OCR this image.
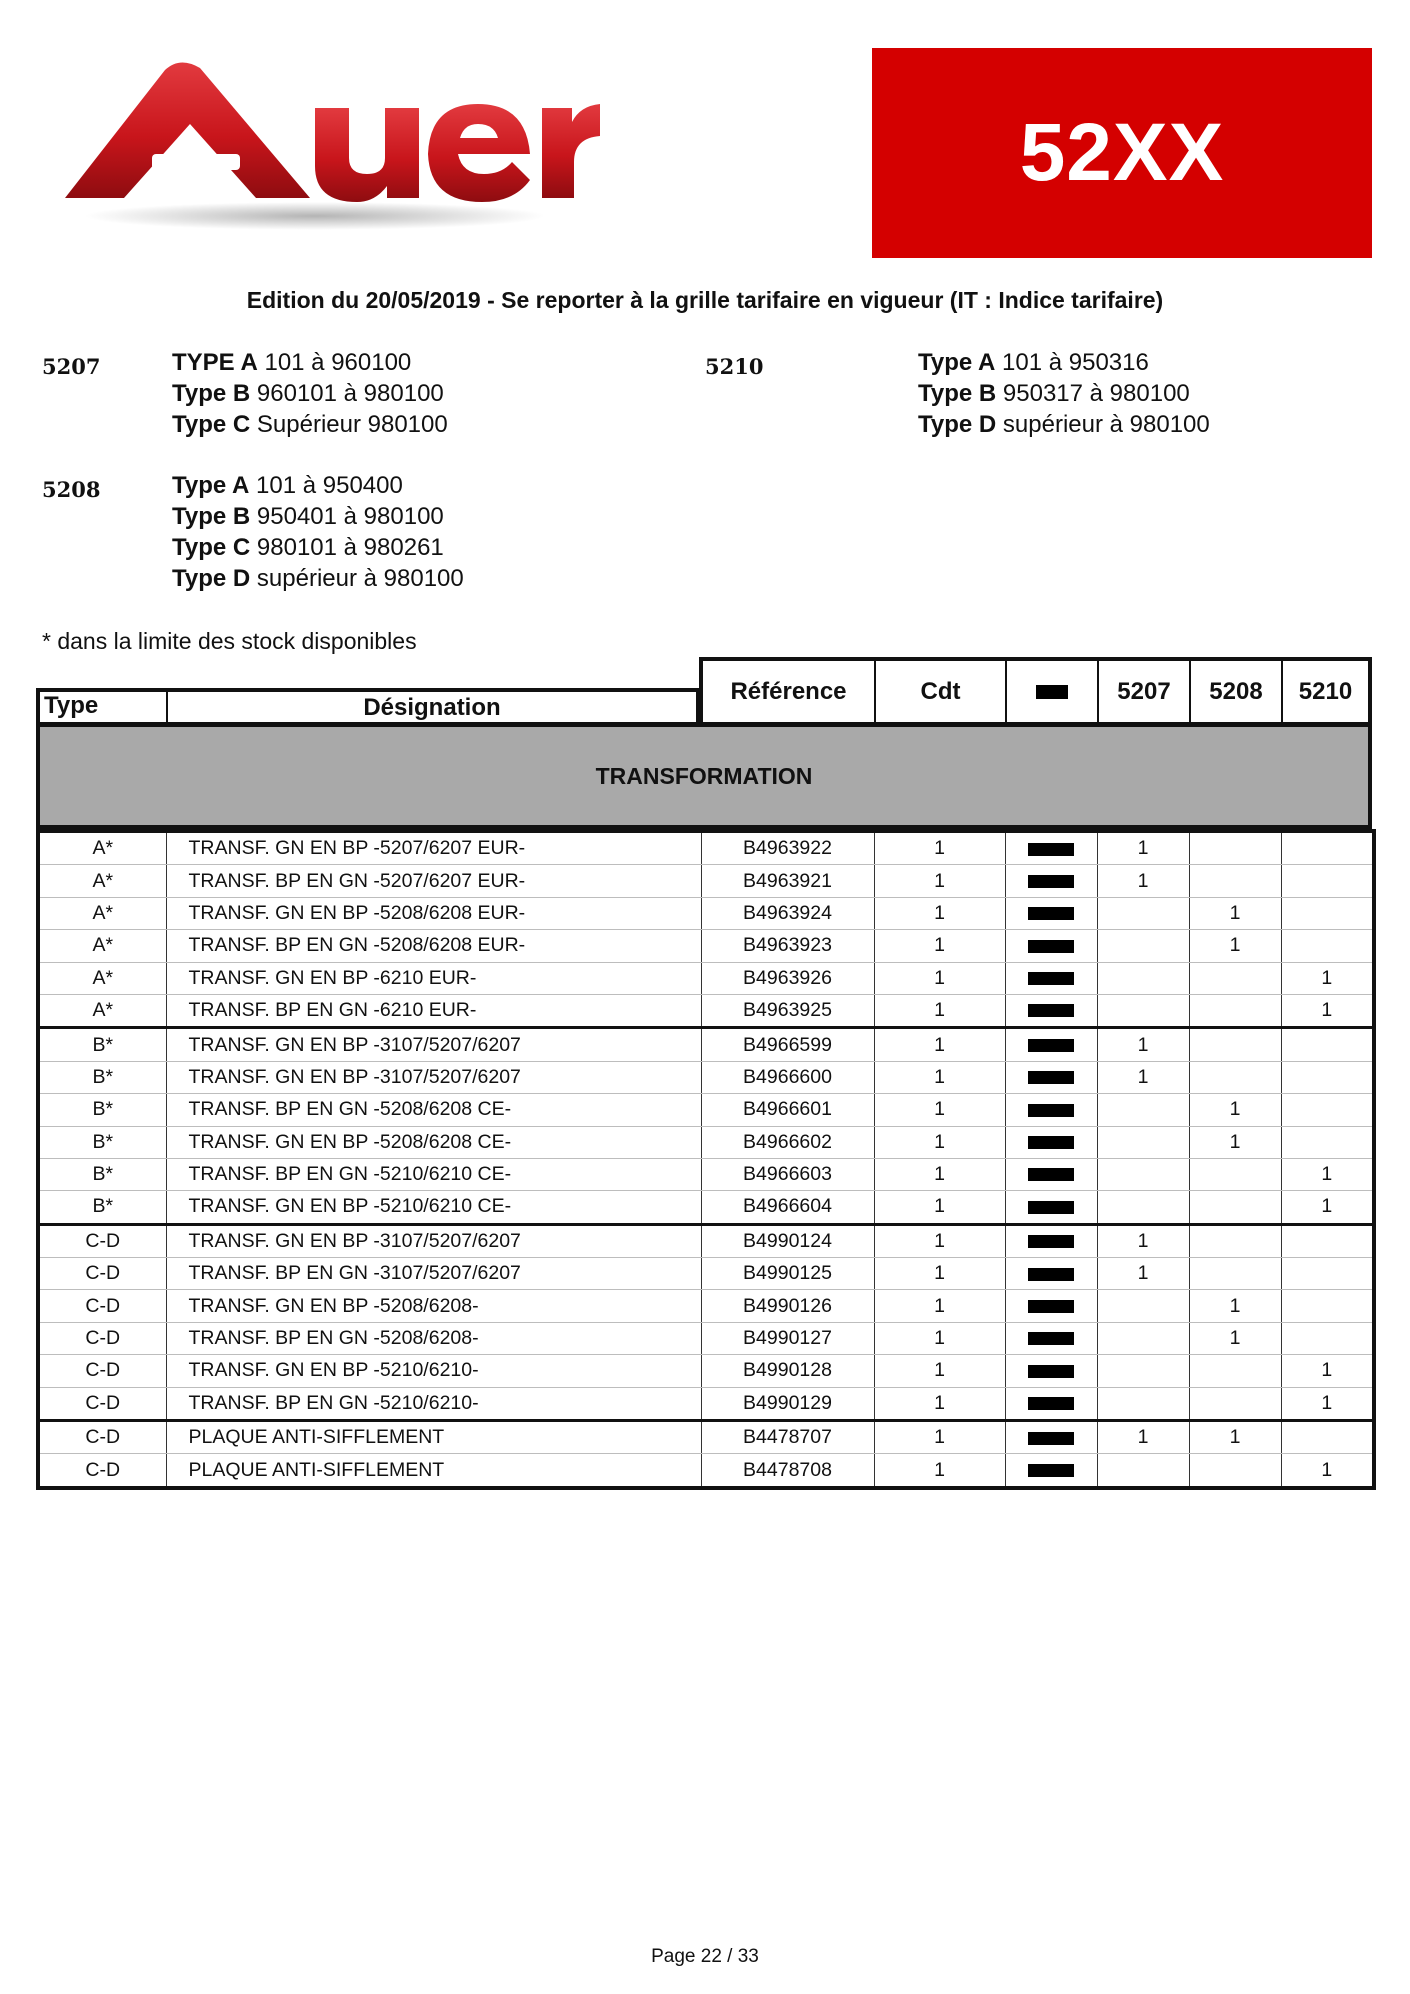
52XX
Edition du 20/05/2019 - Se reporter à la grille tarifaire en vigueur (IT : Indice tarifaire)
5207	TYPE A 101 à 960100
Type B 960101 à 980100
Type C Supérieur 980100
5210	Type A 101 à 950316
Type B 950317 à 980100
Type D supérieur à 980100
5208	Type A 101 à 950400
Type B 950401 à 980100
Type C 980101 à 980261
Type D supérieur à 980100
* dans la limite des stock disponibles
Type	Désignation
Référence	Cdt	5207	5208	5210
TRANSFORMATION
A*	TRANSF. GN EN BP -5207/6207 EUR-	B4963922	1		1		
A*	TRANSF. BP EN GN -5207/6207 EUR-	B4963921	1		1		
A*	TRANSF. GN EN BP -5208/6208 EUR-	B4963924	1			1	
A*	TRANSF. BP EN GN -5208/6208 EUR-	B4963923	1			1	
A*	TRANSF. GN EN BP -6210 EUR-	B4963926	1				1
A*	TRANSF. BP EN GN -6210 EUR-	B4963925	1				1
B*	TRANSF. GN EN BP -3107/5207/6207	B4966599	1		1		
B*	TRANSF. GN EN BP -3107/5207/6207	B4966600	1		1		
B*	TRANSF. BP EN GN -5208/6208 CE-	B4966601	1			1	
B*	TRANSF. GN EN BP -5208/6208 CE-	B4966602	1			1	
B*	TRANSF. BP EN GN -5210/6210 CE-	B4966603	1				1
B*	TRANSF. GN EN BP -5210/6210 CE-	B4966604	1				1
C-D	TRANSF. GN EN BP -3107/5207/6207	B4990124	1		1		
C-D	TRANSF. BP EN GN -3107/5207/6207	B4990125	1		1		
C-D	TRANSF. GN EN BP -5208/6208-	B4990126	1			1	
C-D	TRANSF. BP EN GN -5208/6208-	B4990127	1			1	
C-D	TRANSF. GN EN BP -5210/6210-	B4990128	1				1
C-D	TRANSF. BP EN GN -5210/6210-	B4990129	1				1
C-D	PLAQUE ANTI-SIFFLEMENT	B4478707	1		1	1	
C-D	PLAQUE ANTI-SIFFLEMENT	B4478708	1				1
Page 22 / 33
